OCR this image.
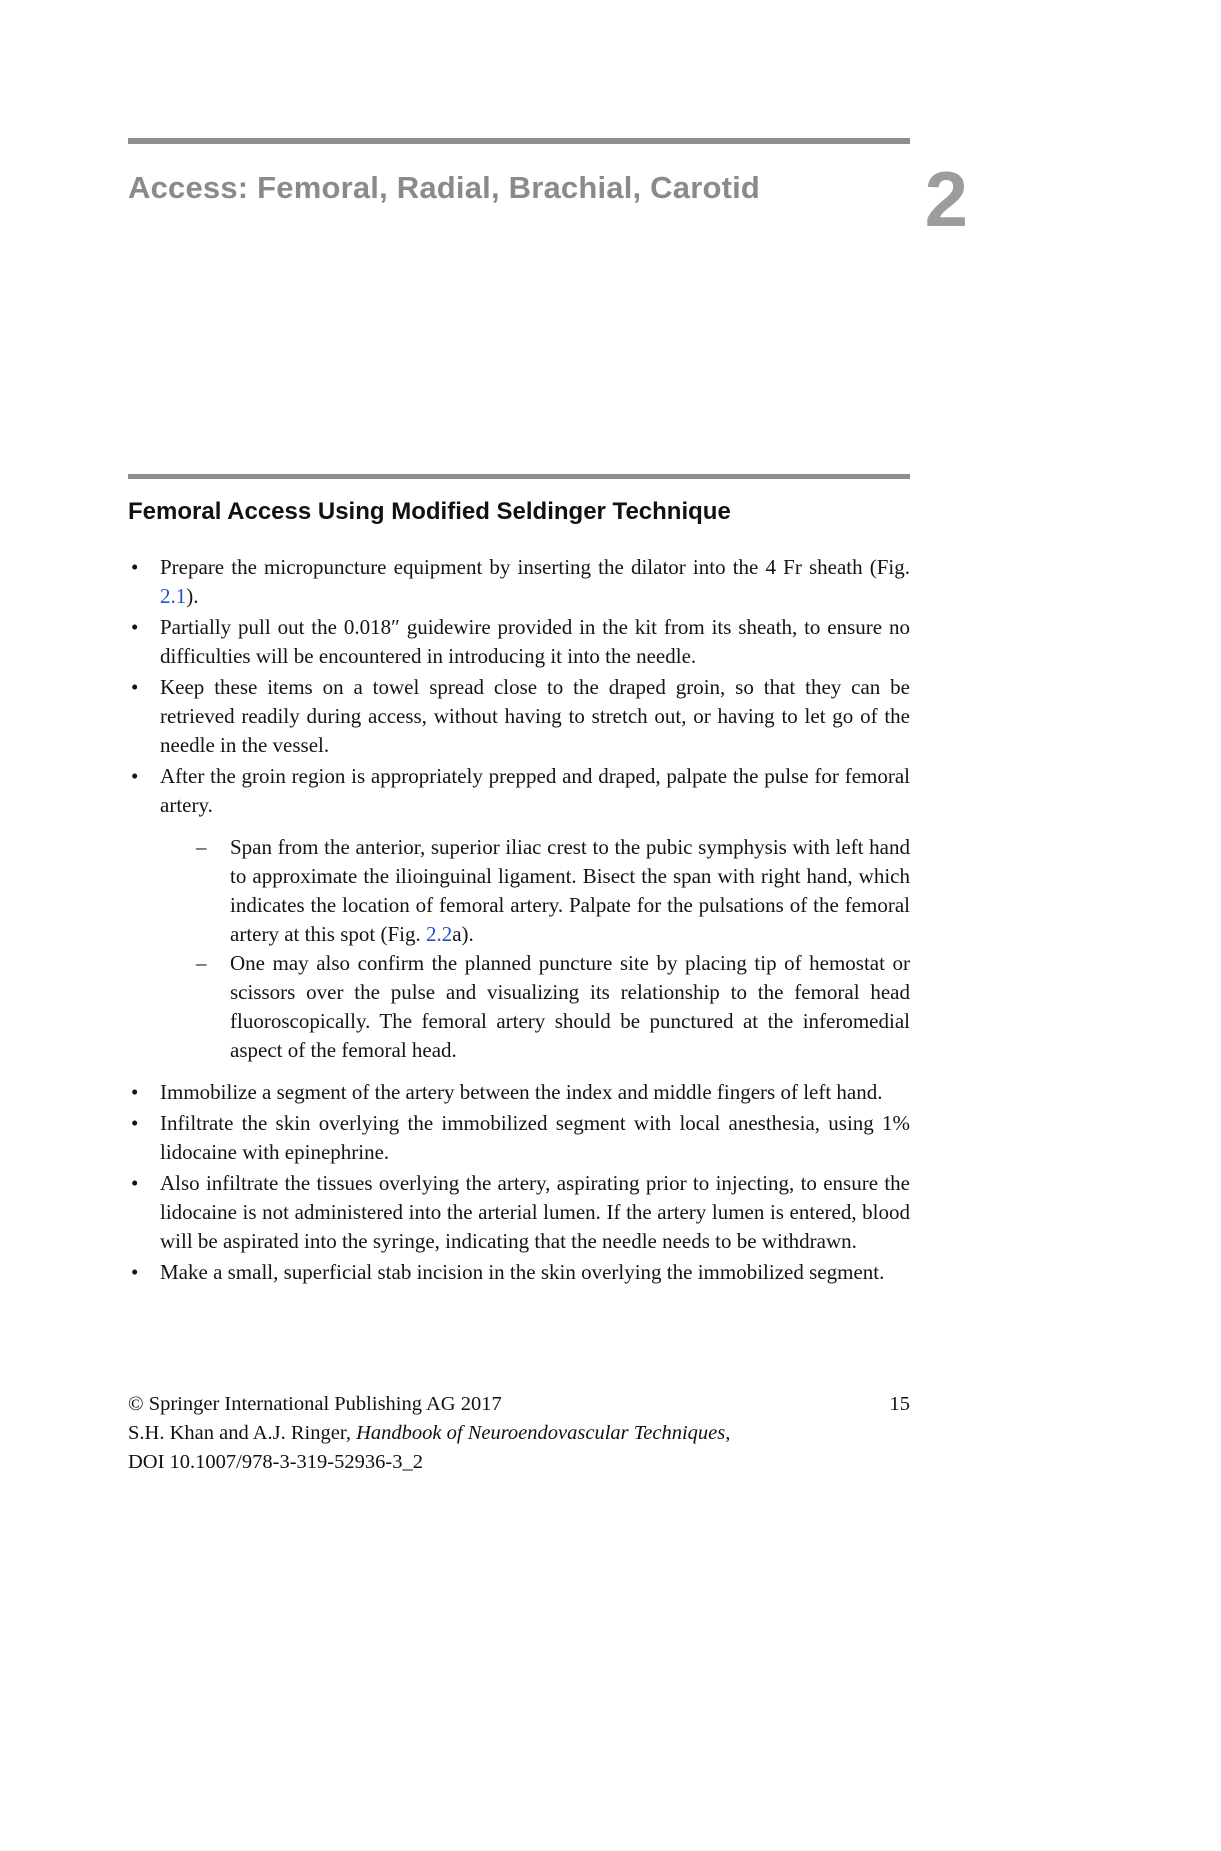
Access: Femoral, Radial, Brachial, Carotid 2
Femoral Access Using Modified Seldinger Technique
•	Prepare the micropuncture equipment by inserting the dilator into the 4 Fr sheath (Fig. 2.1).
•	Partially pull out the 0.018″ guidewire provided in the kit from its sheath, to ensure no difficulties will be encountered in introducing it into the needle.
•	Keep these items on a towel spread close to the draped groin, so that they can be retrieved readily during access, without having to stretch out, or having to let go of the needle in the vessel.
•	After the groin region is appropriately prepped and draped, palpate the pulse for femoral artery.
–	Span from the anterior, superior iliac crest to the pubic symphysis with left hand to approximate the ilioinguinal ligament. Bisect the span with right hand, which indicates the location of femoral artery. Palpate for the pulsations of the femoral artery at this spot (Fig. 2.2a).
–	One may also confirm the planned puncture site by placing tip of hemostat or scissors over the pulse and visualizing its relationship to the femoral head fluoroscopically. The femoral artery should be punctured at the inferomedial aspect of the femoral head.
•	Immobilize a segment of the artery between the index and middle fingers of left hand.
•	Infiltrate the skin overlying the immobilized segment with local anesthesia, using 1% lidocaine with epinephrine.
•	Also infiltrate the tissues overlying the artery, aspirating prior to injecting, to ensure the lidocaine is not administered into the arterial lumen. If the artery lumen is entered, blood will be aspirated into the syringe, indicating that the needle needs to be withdrawn.
•	Make a small, superficial stab incision in the skin overlying the immobilized segment.
© Springer International Publishing AG 2017	15
S.H. Khan and A.J. Ringer, Handbook of Neuroendovascular Techniques,
DOI 10.1007/978-3-319-52936-3_2
